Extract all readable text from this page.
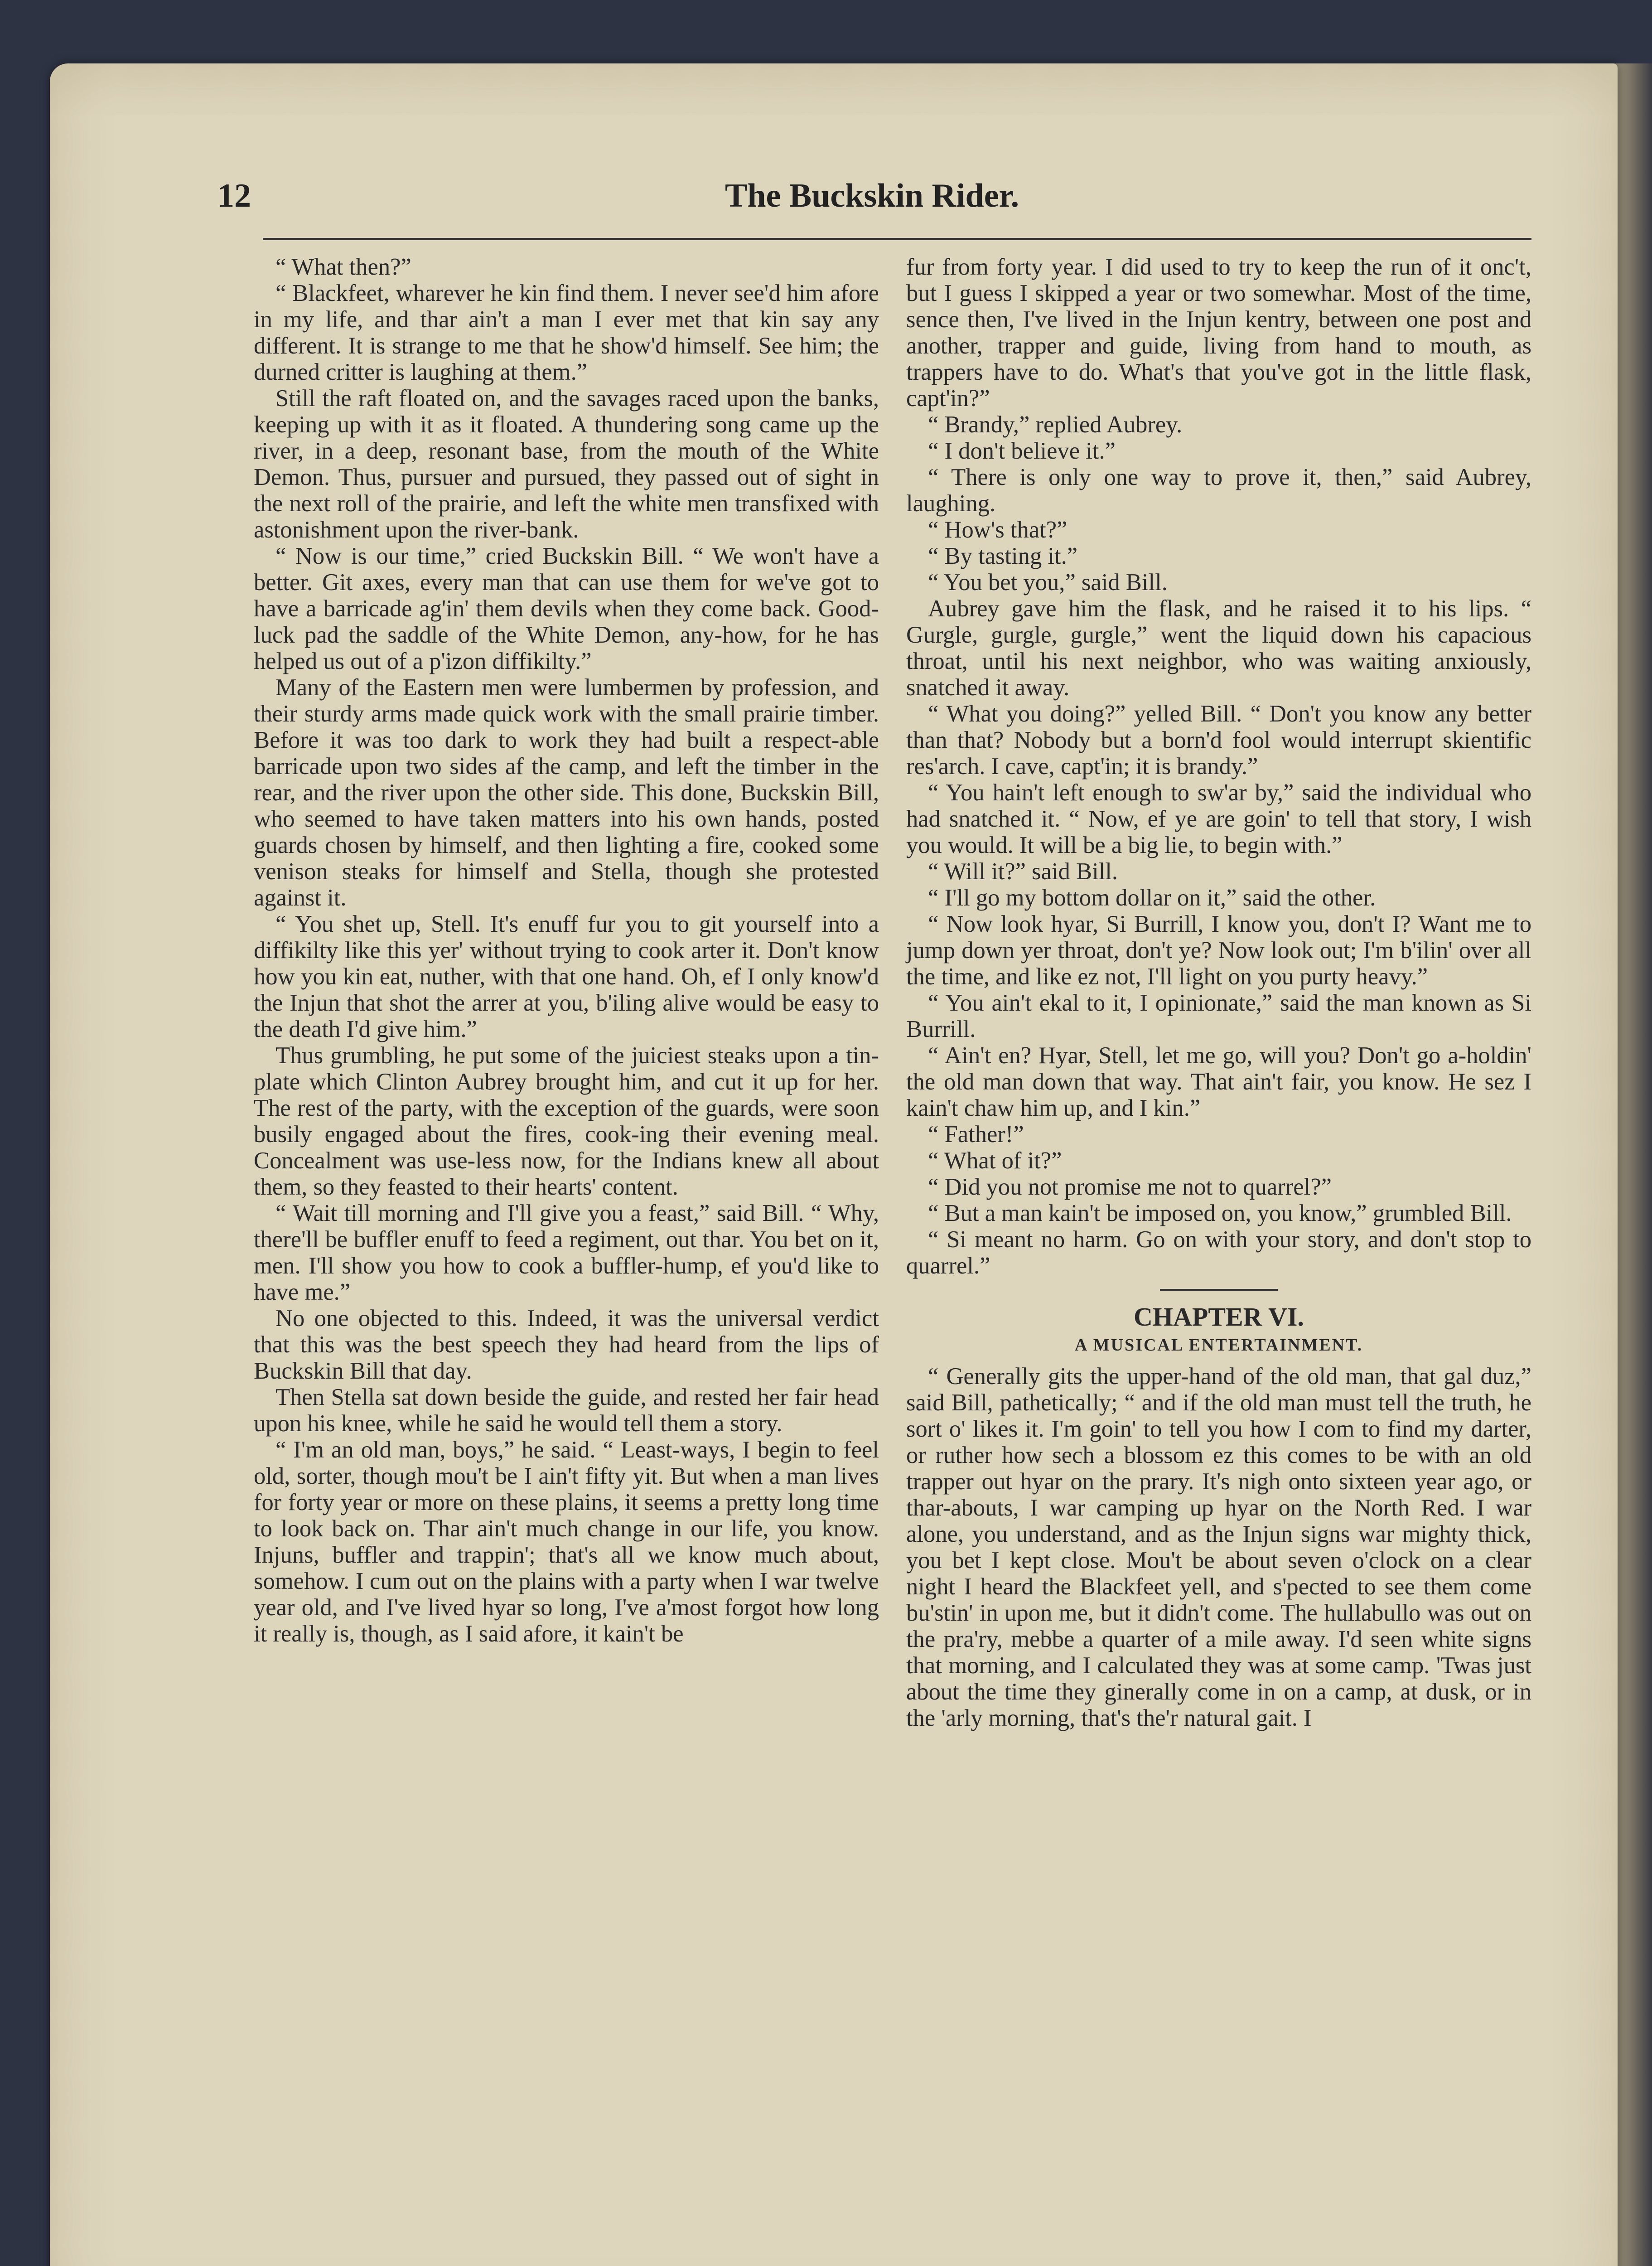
12	The Buckskin Rider.

“ What then?”

“ Blackfeet, wharever he kin find them. I never see'd him afore in my life, and thar ain't a man I ever met that kin say any different. It is strange to me that he show'd himself. See him; the durned critter is laughing at them.”

Still the raft floated on, and the savages raced upon the banks, keeping up with it as it floated. A thundering song came up the river, in a deep, resonant base, from the mouth of the White Demon. Thus, pursuer and pursued, they passed out of sight in the next roll of the prairie, and left the white men transfixed with astonishment upon the river-bank.

“ Now is our time,” cried Buckskin Bill. “ We won't have a better. Git axes, every man that can use them for we've got to have a barricade ag'in' them devils when they come back. Good-luck pad the saddle of the White Demon, any-how, for he has helped us out of a p'izon diffikilty.”

Many of the Eastern men were lumbermen by profession, and their sturdy arms made quick work with the small prairie timber. Before it was too dark to work they had built a respect-able barricade upon two sides af the camp, and left the timber in the rear, and the river upon the other side. This done, Buckskin Bill, who seemed to have taken matters into his own hands, posted guards chosen by himself, and then lighting a fire, cooked some venison steaks for himself and Stella, though she protested against it.

“ You shet up, Stell. It's enuff fur you to git yourself into a diffikilty like this yer' without trying to cook arter it. Don't know how you kin eat, nuther, with that one hand. Oh, ef I only know'd the Injun that shot the arrer at you, b'iling alive would be easy to the death I'd give him.”

Thus grumbling, he put some of the juiciest steaks upon a tin-plate which Clinton Aubrey brought him, and cut it up for her. The rest of the party, with the exception of the guards, were soon busily engaged about the fires, cook-ing their evening meal. Concealment was use-less now, for the Indians knew all about them, so they feasted to their hearts' content.

“ Wait till morning and I'll give you a feast,” said Bill. “ Why, there'll be buffler enuff to feed a regiment, out thar. You bet on it, men. I'll show you how to cook a buffler-hump, ef you'd like to have me.”

No one objected to this. Indeed, it was the universal verdict that this was the best speech they had heard from the lips of Buckskin Bill that day.

Then Stella sat down beside the guide, and rested her fair head upon his knee, while he said he would tell them a story.

“ I'm an old man, boys,” he said. “ Least-ways, I begin to feel old, sorter, though mou't be I ain't fifty yit. But when a man lives for forty year or more on these plains, it seems a pretty long time to look back on. Thar ain't much change in our life, you know. Injuns, buffler and trappin'; that's all we know much about, somehow. I cum out on the plains with a party when I war twelve year old, and I've lived hyar so long, I've a'most forgot how long it really is, though, as I said afore, it kain't be

fur from forty year. I did used to try to keep the run of it onc't, but I guess I skipped a year or two somewhar. Most of the time, sence then, I've lived in the Injun kentry, between one post and another, trapper and guide, living from hand to mouth, as trappers have to do. What's that you've got in the little flask, capt'in?”

“ Brandy,” replied Aubrey.

“ I don't believe it.”

“ There is only one way to prove it, then,” said Aubrey, laughing.

“ How's that?”

“ By tasting it.”

“ You bet you,” said Bill.

Aubrey gave him the flask, and he raised it to his lips. “ Gurgle, gurgle, gurgle,” went the liquid down his capacious throat, until his next neighbor, who was waiting anxiously, snatched it away.

“ What you doing?” yelled Bill. “ Don't you know any better than that? Nobody but a born'd fool would interrupt skientific res'arch. I cave, capt'in; it is brandy.”

“ You hain't left enough to sw'ar by,” said the individual who had snatched it. “ Now, ef ye are goin' to tell that story, I wish you would. It will be a big lie, to begin with.”

“ Will it?” said Bill.

“ I'll go my bottom dollar on it,” said the other.

“ Now look hyar, Si Burrill, I know you, don't I? Want me to jump down yer throat, don't ye? Now look out; I'm b'ilin' over all the time, and like ez not, I'll light on you purty heavy.”

“ You ain't ekal to it, I opinionate,” said the man known as Si Burrill.

“ Ain't en? Hyar, Stell, let me go, will you? Don't go a-holdin' the old man down that way. That ain't fair, you know. He sez I kain't chaw him up, and I kin.”

“ Father!”

“ What of it?”

“ Did you not promise me not to quarrel?”

“ But a man kain't be imposed on, you know,” grumbled Bill.

“ Si meant no harm. Go on with your story, and don't stop to quarrel.”

CHAPTER VI.
A MUSICAL ENTERTAINMENT.

“ Generally gits the upper-hand of the old man, that gal duz,” said Bill, pathetically; “ and if the old man must tell the truth, he sort o' likes it. I'm goin' to tell you how I com to find my darter, or ruther how sech a blossom ez this comes to be with an old trapper out hyar on the prary. It's nigh onto sixteen year ago, or thar-abouts, I war camping up hyar on the North Red. I war alone, you understand, and as the Injun signs war mighty thick, you bet I kept close. Mou't be about seven o'clock on a clear night I heard the Blackfeet yell, and s'pected to see them come bu'stin' in upon me, but it didn't come. The hullabullo was out on the pra'ry, mebbe a quarter of a mile away. I'd seen white signs that morning, and I calculated they was at some camp. 'Twas just about the time they ginerally come in on a camp, at dusk, or in the 'arly morning, that's the'r natural gait. I
